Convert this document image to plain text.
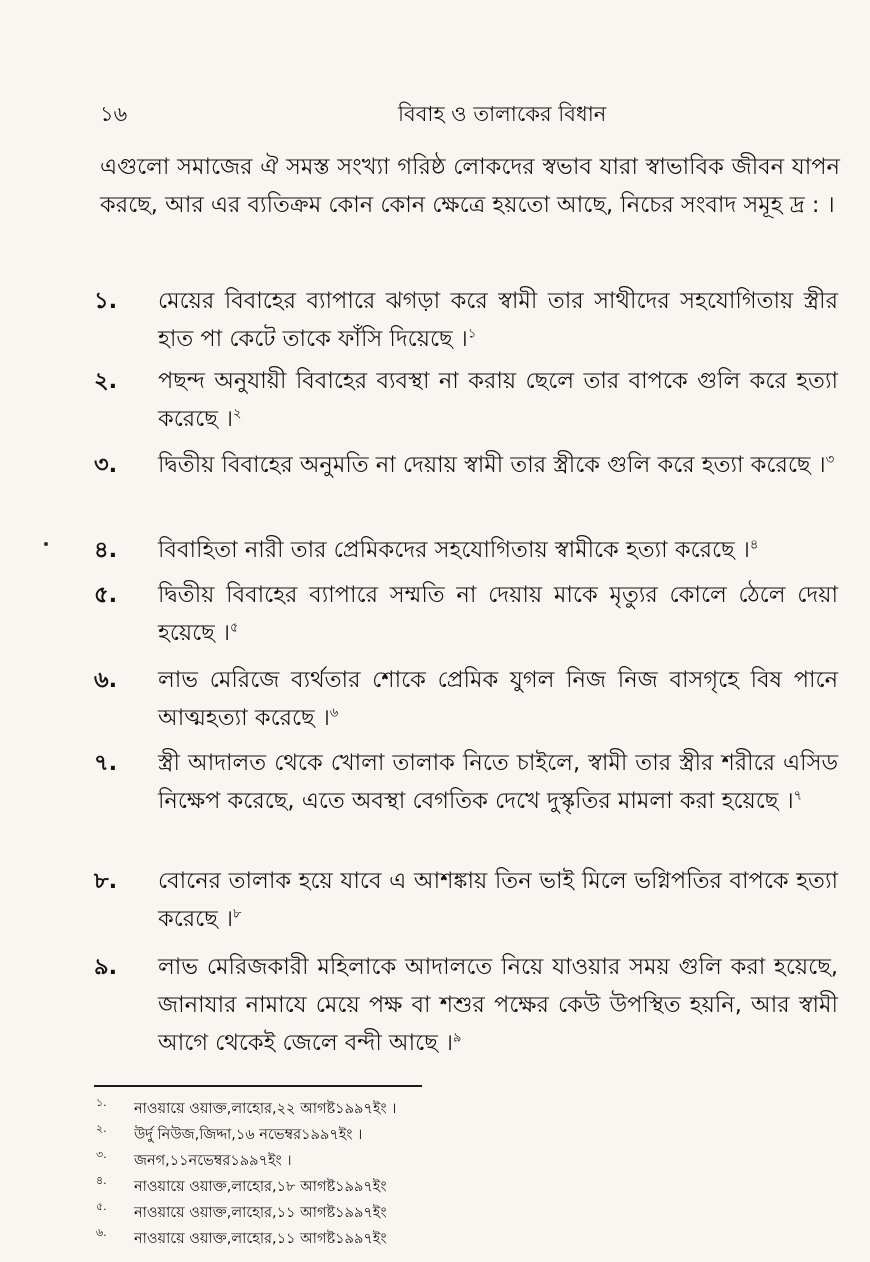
১৬	বিবাহ ও তালাকের বিধান
এগুলো সমাজের ঐ সমস্ত সংখ্যা গরিষ্ঠ লোকদের স্বভাব যারা স্বাভাবিক জীবন যাপন করছে, আর এর ব্যতিক্রম কোন কোন ক্ষেত্রে হয়তো আছে, নিচের সংবাদ সমূহ দ্র : ।
১.	মেয়ের বিবাহের ব্যাপারে ঝগড়া করে স্বামী তার সাথীদের সহযোগিতায় স্ত্রীর হাত পা কেটে তাকে ফাঁসি দিয়েছে ।$^১$
২.	পছন্দ অনুযায়ী বিবাহের ব্যবস্থা না করায় ছেলে তার বাপকে গুলি করে হত্যা করেছে ।$^২$
৩.	দ্বিতীয় বিবাহের অনুমতি না দেয়ায় স্বামী তার স্ত্রীকে গুলি করে হত্যা করেছে ।$^৩$
৪.	বিবাহিতা নারী তার প্রেমিকদের সহযোগিতায় স্বামীকে হত্যা করেছে ।$^৪$
৫.	দ্বিতীয় বিবাহের ব্যাপারে সম্মতি না দেয়ায় মাকে মৃত্যুর কোলে ঠেলে দেয়া হয়েছে ।$^৫$
৬.	লাভ মেরিজে ব্যর্থতার শোকে প্রেমিক যুগল নিজ নিজ বাসগৃহে বিষ পানে আত্মহত্যা করেছে ।$^৬$
৭.	স্ত্রী আদালত থেকে খোলা তালাক নিতে চাইলে, স্বামী তার স্ত্রীর শরীরে এসিড নিক্ষেপ করেছে, এতে অবস্থা বেগতিক দেখে দুস্কৃতির মামলা করা হয়েছে ।$^৭$
৮.	বোনের তালাক হয়ে যাবে এ আশঙ্কায় তিন ভাই মিলে ভগ্নিপতির বাপকে হত্যা করেছে ।$^৮$
৯.	লাভ মেরিজকারী মহিলাকে আদালতে নিয়ে যাওয়ার সময় গুলি করা হয়েছে, জানাযার নামাযে মেয়ে পক্ষ বা শশুর পক্ষের কেউ উপস্থিত হয়নি, আর স্বামী আগে থেকেই জেলে বন্দী আছে ।$^৯$
১. নাওয়ায়ে ওয়াক্ত,লাহোর,২২ আগষ্ট১৯৯৭ইং ।
২. উর্দু নিউজ,জিদ্দা,১৬ নভেম্বর১৯৯৭ইং ।
৩. জনগ,১১নভেম্বর১৯৯৭ইং ।
৪. নাওয়ায়ে ওয়াক্ত,লাহোর,১৮ আগষ্ট১৯৯৭ইং
৫. নাওয়ায়ে ওয়াক্ত,লাহোর,১১ আগষ্ট১৯৯৭ইং
৬. নাওয়ায়ে ওয়াক্ত,লাহোর,১১ আগষ্ট১৯৯৭ইং
